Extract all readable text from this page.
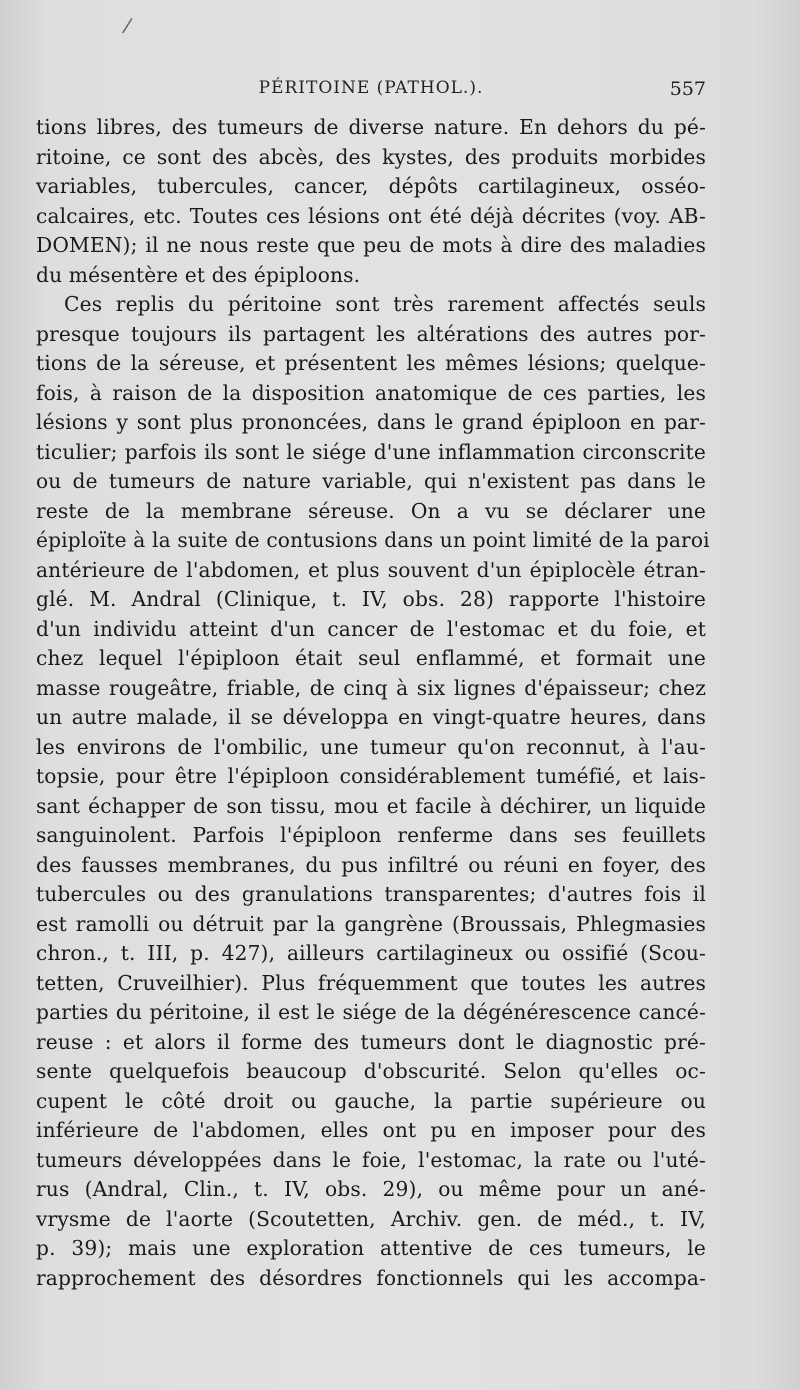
/
PÉRITOINE (PATHOL.).	557
tions libres, des tumeurs de diverse nature. En dehors du pé-
ritoine, ce sont des abcès, des kystes, des produits morbides
variables, tubercules, cancer, dépôts cartilagineux, osséo-
calcaires, etc. Toutes ces lésions ont été déjà décrites (voy. AB-
DOMEN); il ne nous reste que peu de mots à dire des maladies
du mésentère et des épiploons.
Ces replis du péritoine sont très rarement affectés seuls
presque toujours ils partagent les altérations des autres por-
tions de la séreuse, et présentent les mêmes lésions; quelque-
fois, à raison de la disposition anatomique de ces parties, les
lésions y sont plus prononcées, dans le grand épiploon en par-
ticulier; parfois ils sont le siége d'une inflammation circonscrite
ou de tumeurs de nature variable, qui n'existent pas dans le
reste de la membrane séreuse. On a vu se déclarer une
épiploïte à la suite de contusions dans un point limité de la paroi
antérieure de l'abdomen, et plus souvent d'un épiplocèle étran-
glé. M. Andral (Clinique, t. IV, obs. 28) rapporte l'histoire
d'un individu atteint d'un cancer de l'estomac et du foie, et
chez lequel l'épiploon était seul enflammé, et formait une
masse rougeâtre, friable, de cinq à six lignes d'épaisseur; chez
un autre malade, il se développa en vingt-quatre heures, dans
les environs de l'ombilic, une tumeur qu'on reconnut, à l'au-
topsie, pour être l'épiploon considérablement tuméfié, et lais-
sant échapper de son tissu, mou et facile à déchirer, un liquide
sanguinolent. Parfois l'épiploon renferme dans ses feuillets
des fausses membranes, du pus infiltré ou réuni en foyer, des
tubercules ou des granulations transparentes; d'autres fois il
est ramolli ou détruit par la gangrène (Broussais, Phlegmasies
chron., t. III, p. 427), ailleurs cartilagineux ou ossifié (Scou-
tetten, Cruveilhier). Plus fréquemment que toutes les autres
parties du péritoine, il est le siége de la dégénérescence cancé-
reuse : et alors il forme des tumeurs dont le diagnostic pré-
sente quelquefois beaucoup d'obscurité. Selon qu'elles oc-
cupent le côté droit ou gauche, la partie supérieure ou
inférieure de l'abdomen, elles ont pu en imposer pour des
tumeurs développées dans le foie, l'estomac, la rate ou l'uté-
rus (Andral, Clin., t. IV, obs. 29), ou même pour un ané-
vrysme de l'aorte (Scoutetten, Archiv. gen. de méd., t. IV,
p. 39); mais une exploration attentive de ces tumeurs, le
rapprochement des désordres fonctionnels qui les accompa-
